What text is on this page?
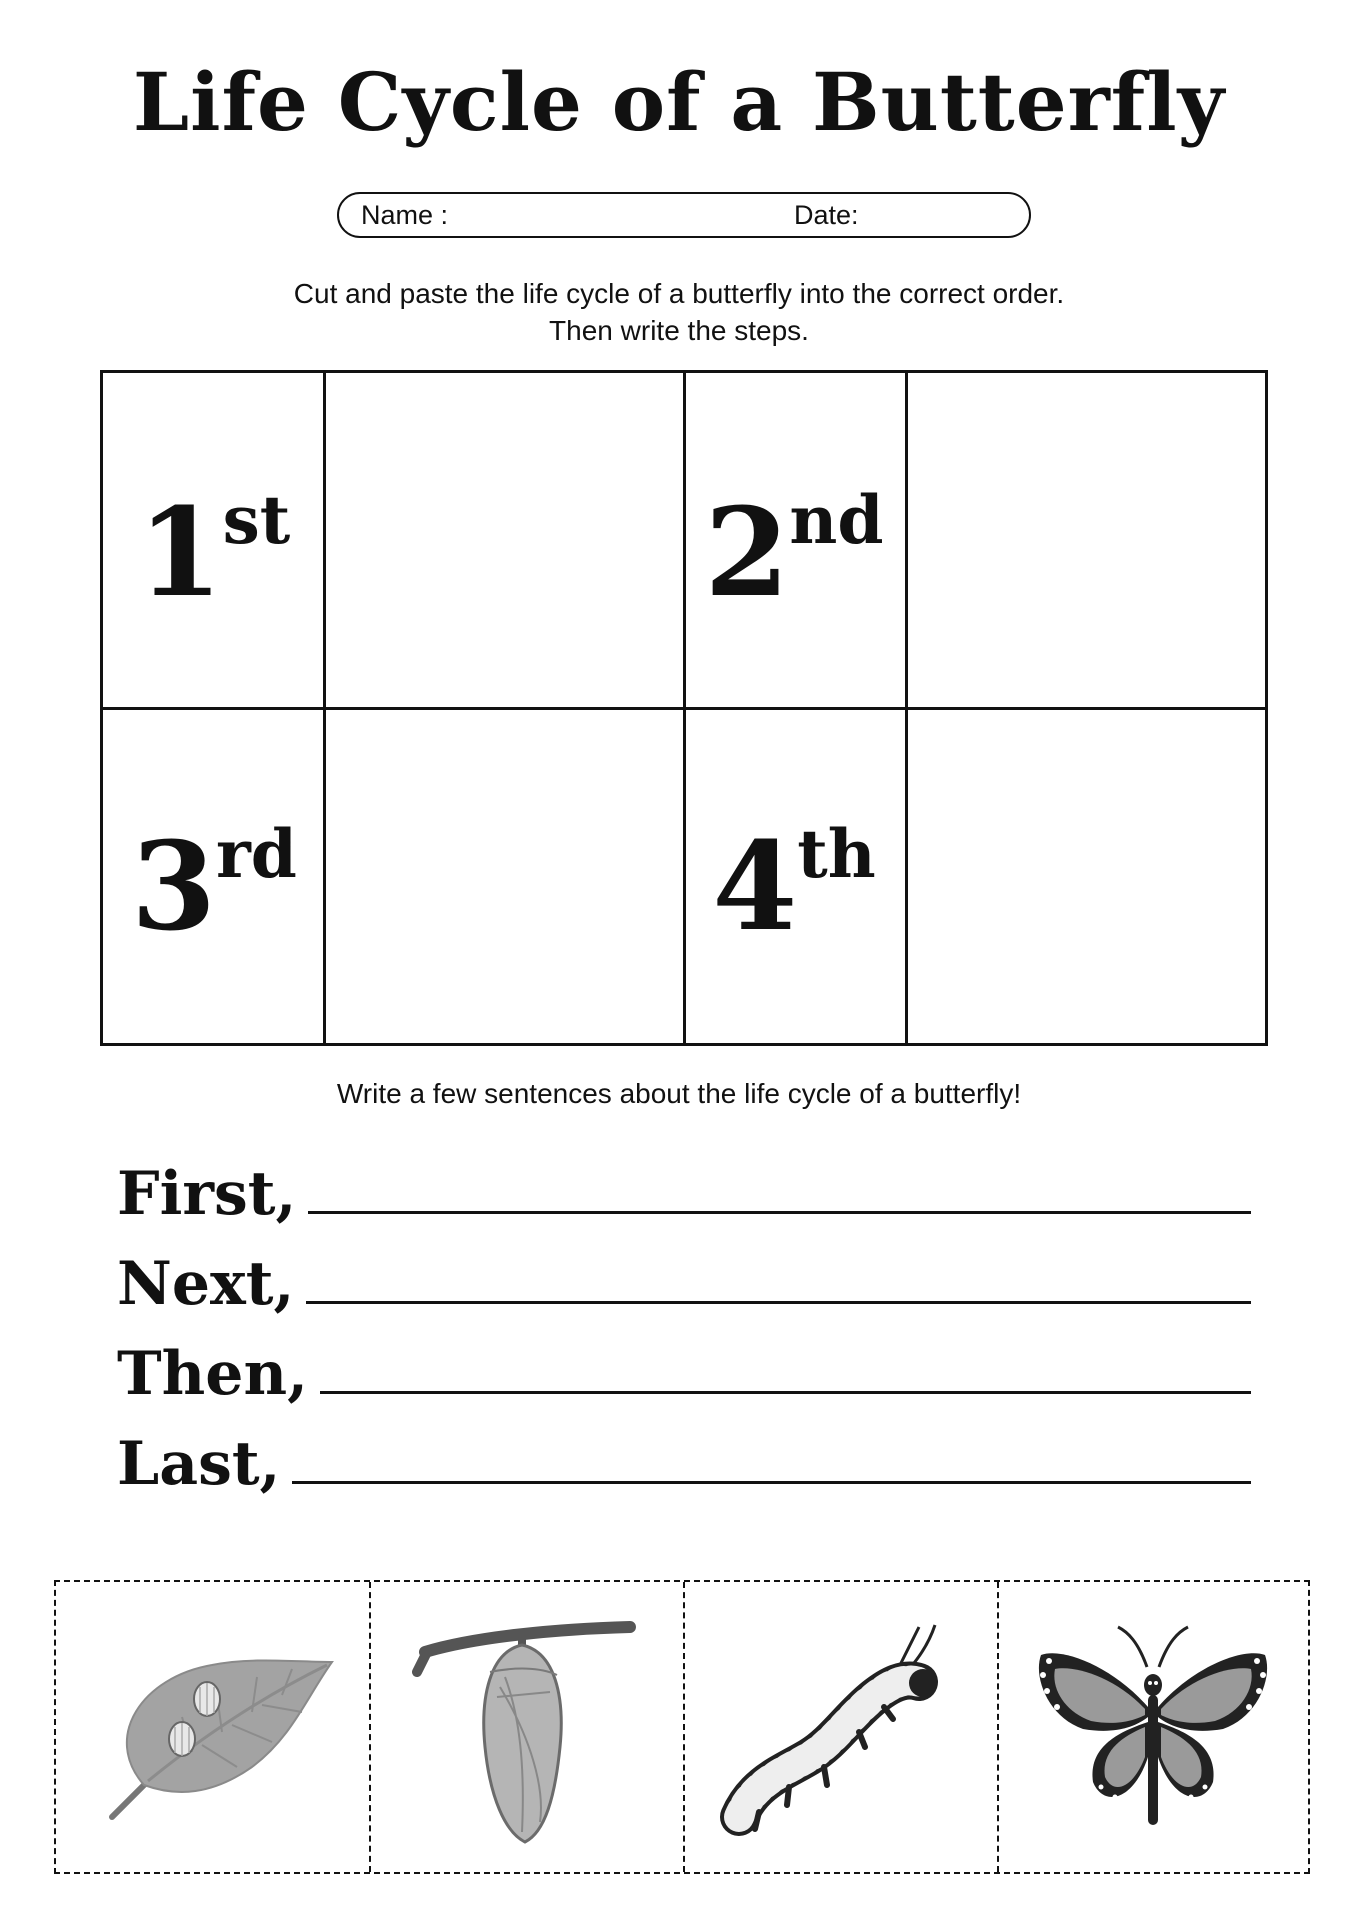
Life Cycle of a Butterfly
Name :	Date:
Cut and paste the life cycle of a butterfly into the correct order.
Then write the steps.
1st	2nd
3rd	4th
Write a few sentences about the life cycle of a butterfly!
First,
Next,
Then,
Last,
